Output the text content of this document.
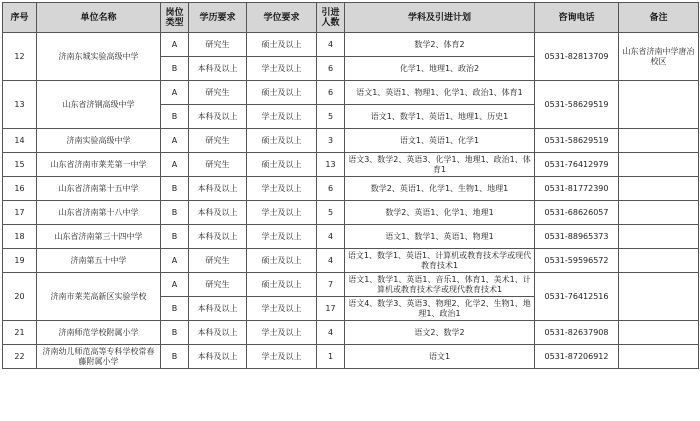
序号	单位名称	岗位类型	学历要求	学位要求	引进人数	学科及引进计划	咨询电话	备注
12	济南东城实验高级中学	A	研究生	硕士及以上	4	数学2、体育2	0531-82813709	山东省济南中学唐冶校区
		B	本科及以上	学士及以上	6	化学1、地理1、政治2		
13	山东省济钢高级中学	A	研究生	硕士及以上	6	语文1、英语1、物理1、化学1、政治1、体育1	0531-58629519	
		B	本科及以上	学士及以上	5	语文1、数学1、英语1、地理1、历史1		
14	济南实验高级中学	A	研究生	硕士及以上	3	语文1、英语1、化学1	0531-58629519	
15	山东省济南市莱芜第一中学	A	研究生	硕士及以上	13	语文3、数学2、英语3、化学1、地理1、政治1、体育1	0531-76412979	
16	山东省济南第十五中学	B	本科及以上	学士及以上	6	数学2、英语1、化学1、生物1、地理1	0531-81772390	
17	山东省济南第十八中学	B	本科及以上	学士及以上	5	数学2、英语1、化学1、地理1	0531-68626057	
18	山东省济南第三十四中学	B	本科及以上	学士及以上	4	语文1、数学1、英语1、物理1	0531-88965373	
19	济南第五十中学	A	研究生	硕士及以上	4	语文1、数学1、英语1、计算机或教育技术学或现代教育技术1	0531-59596572	
20	济南市莱芜高新区实验学校	A	研究生	硕士及以上	7	语文1、数学1、英语1、音乐1、体育1、美术1、计算机或教育技术学或现代教育技术1	0531-76412516	
		B	本科及以上	学士及以上	17	语文4、数学3、英语3、物理2、化学2、生物1、地理1、政治1		
21	济南师范学校附属小学	B	本科及以上	学士及以上	4	语文2、数学2	0531-82637908	
22	济南幼儿师范高等专科学校常春藤附属小学	B	本科及以上	学士及以上	1	语文1	0531-87206912	
